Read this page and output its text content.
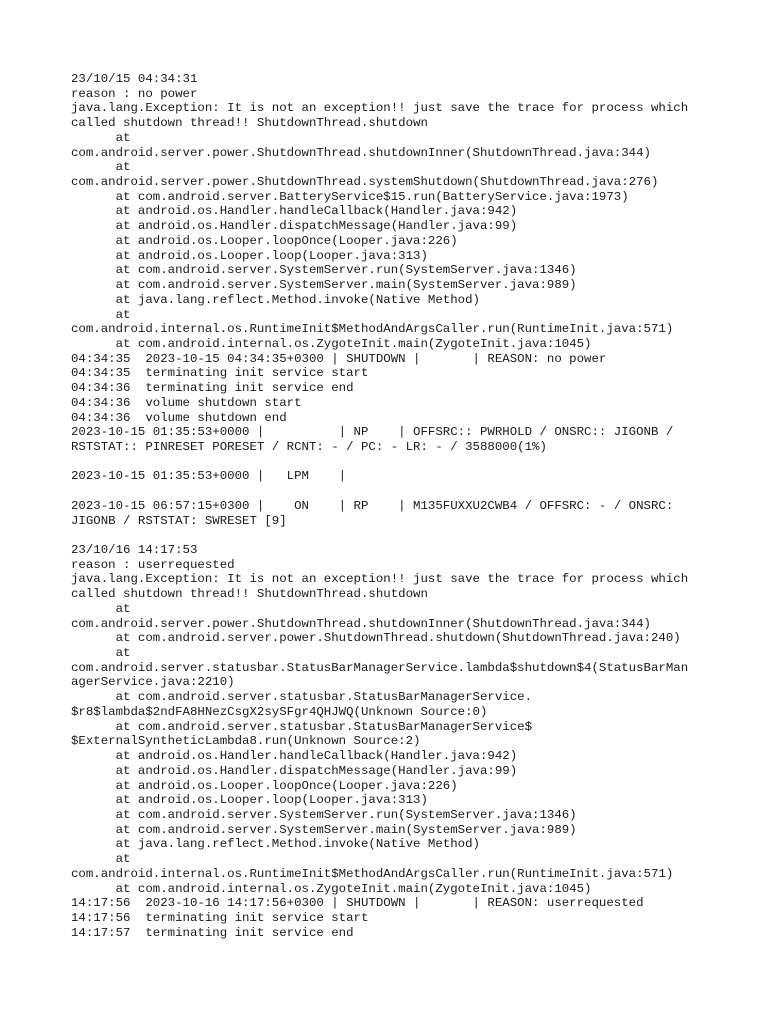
23/10/15 04:34:31
reason : no power
java.lang.Exception: It is not an exception!! just save the trace for process which
called shutdown thread!! ShutdownThread.shutdown
at
com.android.server.power.ShutdownThread.shutdownInner(ShutdownThread.java:344)
at
com.android.server.power.ShutdownThread.systemShutdown(ShutdownThread.java:276)
at com.android.server.BatteryService$15.run(BatteryService.java:1973)
at android.os.Handler.handleCallback(Handler.java:942)
at android.os.Handler.dispatchMessage(Handler.java:99)
at android.os.Looper.loopOnce(Looper.java:226)
at android.os.Looper.loop(Looper.java:313)
at com.android.server.SystemServer.run(SystemServer.java:1346)
at com.android.server.SystemServer.main(SystemServer.java:989)
at java.lang.reflect.Method.invoke(Native Method)
at
com.android.internal.os.RuntimeInit$MethodAndArgsCaller.run(RuntimeInit.java:571)
at com.android.internal.os.ZygoteInit.main(ZygoteInit.java:1045)
04:34:35  2023-10-15 04:34:35+0300 | SHUTDOWN |       | REASON: no power
04:34:35  terminating init service start
04:34:36  terminating init service end
04:34:36  volume shutdown start
04:34:36  volume shutdown end
2023-10-15 01:35:53+0000 |          | NP    | OFFSRC:: PWRHOLD / ONSRC:: JIGONB /
RSTSTAT:: PINRESET PORESET / RCNT: - / PC: - LR: - / 3588000(1%)
2023-10-15 01:35:53+0000 |   LPM    |
2023-10-15 06:57:15+0300 |    ON    | RP    | M135FUXXU2CWB4 / OFFSRC: - / ONSRC:
JIGONB / RSTSTAT: SWRESET [9]
23/10/16 14:17:53
reason : userrequested
java.lang.Exception: It is not an exception!! just save the trace for process which
called shutdown thread!! ShutdownThread.shutdown
at
com.android.server.power.ShutdownThread.shutdownInner(ShutdownThread.java:344)
at com.android.server.power.ShutdownThread.shutdown(ShutdownThread.java:240)
at
com.android.server.statusbar.StatusBarManagerService.lambda$shutdown$4(StatusBarMan
agerService.java:2210)
at com.android.server.statusbar.StatusBarManagerService.
$r8$lambda$2ndFA8HNezCsgX2sySFgr4QHJWQ(Unknown Source:0)
at com.android.server.statusbar.StatusBarManagerService$
$ExternalSyntheticLambda8.run(Unknown Source:2)
at android.os.Handler.handleCallback(Handler.java:942)
at android.os.Handler.dispatchMessage(Handler.java:99)
at android.os.Looper.loopOnce(Looper.java:226)
at android.os.Looper.loop(Looper.java:313)
at com.android.server.SystemServer.run(SystemServer.java:1346)
at com.android.server.SystemServer.main(SystemServer.java:989)
at java.lang.reflect.Method.invoke(Native Method)
at
com.android.internal.os.RuntimeInit$MethodAndArgsCaller.run(RuntimeInit.java:571)
at com.android.internal.os.ZygoteInit.main(ZygoteInit.java:1045)
14:17:56  2023-10-16 14:17:56+0300 | SHUTDOWN |       | REASON: userrequested
14:17:56  terminating init service start
14:17:57  terminating init service end
